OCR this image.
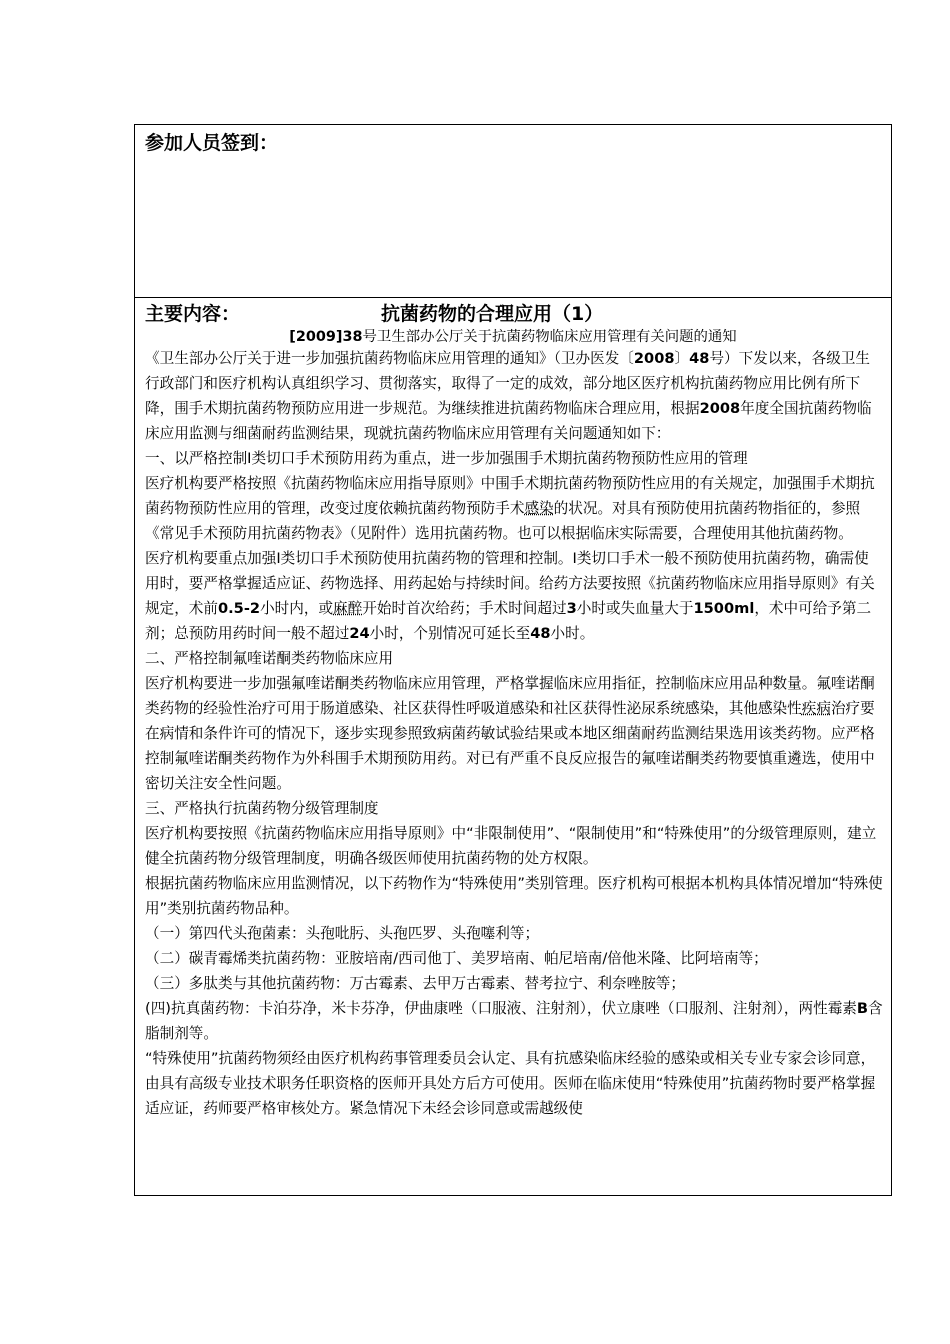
参加人员签到：
主要内容：	抗菌药物的合理应用（1）
[2009]38号卫生部办公厅关于抗菌药物临床应用管理有关问题的通知

《卫生部办公厅关于进一步加强抗菌药物临床应用管理的通知》（卫办医发〔2008〕48号）下发以来，各级卫生行政部门和医疗机构认真组织学习、贯彻落实，取得了一定的成效，部分地区医疗机构抗菌药物应用比例有所下降，围手术期抗菌药物预防应用进一步规范。为继续推进抗菌药物临床合理应用，根据2008年度全国抗菌药物临床应用监测与细菌耐药监测结果，现就抗菌药物临床应用管理有关问题通知如下：

一、以严格控制Ⅰ类切口手术预防用药为重点，进一步加强围手术期抗菌药物预防性应用的管理

医疗机构要严格按照《抗菌药物临床应用指导原则》中围手术期抗菌药物预防性应用的有关规定，加强围手术期抗菌药物预防性应用的管理，改变过度依赖抗菌药物预防手术感染的状况。对具有预防使用抗菌药物指征的，参照《常见手术预防用抗菌药物表》（见附件）选用抗菌药物。也可以根据临床实际需要，合理使用其他抗菌药物。

医疗机构要重点加强Ⅰ类切口手术预防使用抗菌药物的管理和控制。Ⅰ类切口手术一般不预防使用抗菌药物，确需使用时，要严格掌握适应证、药物选择、用药起始与持续时间。给药方法要按照《抗菌药物临床应用指导原则》有关规定，术前0.5-2小时内，或麻醉开始时首次给药；手术时间超过3小时或失血量大于1500ml，术中可给予第二剂；总预防用药时间一般不超过24小时，个别情况可延长至48小时。

二、严格控制氟喹诺酮类药物临床应用

医疗机构要进一步加强氟喹诺酮类药物临床应用管理，严格掌握临床应用指征，控制临床应用品种数量。氟喹诺酮类药物的经验性治疗可用于肠道感染、社区获得性呼吸道感染和社区获得性泌尿系统感染，其他感染性疾病治疗要在病情和条件许可的情况下，逐步实现参照致病菌药敏试验结果或本地区细菌耐药监测结果选用该类药物。应严格控制氟喹诺酮类药物作为外科围手术期预防用药。对已有严重不良反应报告的氟喹诺酮类药物要慎重遴选，使用中密切关注安全性问题。

三、严格执行抗菌药物分级管理制度

医疗机构要按照《抗菌药物临床应用指导原则》中“非限制使用”、“限制使用”和“特殊使用”的分级管理原则，建立健全抗菌药物分级管理制度，明确各级医师使用抗菌药物的处方权限。

根据抗菌药物临床应用监测情况，以下药物作为“特殊使用”类别管理。医疗机构可根据本机构具体情况增加“特殊使用”类别抗菌药物品种。

（一）第四代头孢菌素：头孢吡肟、头孢匹罗、头孢噻利等；

（二）碳青霉烯类抗菌药物：亚胺培南/西司他丁、美罗培南、帕尼培南/倍他米隆、比阿培南等；

（三）多肽类与其他抗菌药物：万古霉素、去甲万古霉素、替考拉宁、利奈唑胺等；

(四)抗真菌药物：卡泊芬净，米卡芬净，伊曲康唑（口服液、注射剂），伏立康唑（口服剂、注射剂），两性霉素B含脂制剂等。

“特殊使用”抗菌药物须经由医疗机构药事管理委员会认定、具有抗感染临床经验的感染或相关专业专家会诊同意，由具有高级专业技术职务任职资格的医师开具处方后方可使用。医师在临床使用“特殊使用”抗菌药物时要严格掌握适应证，药师要严格审核处方。紧急情况下未经会诊同意或需越级使
